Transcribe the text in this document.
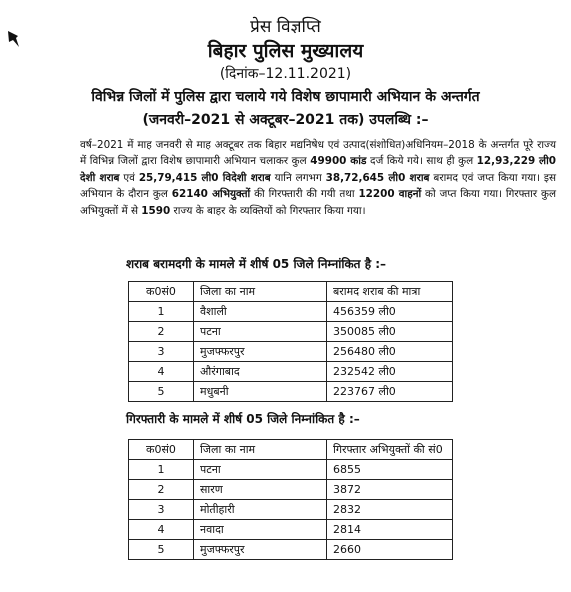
प्रेस विज्ञप्ति
बिहार पुलिस मुख्यालय
(दिनांक–12.11.2021)
विभिन्न जिलों में पुलिस द्वारा चलाये गये विशेष छापामारी अभियान के अन्तर्गत
(जनवरी–2021 से अक्टूबर–2021 तक) उपलब्धि :–
वर्ष–2021 में माह जनवरी से माह अक्टूबर तक बिहार मद्यनिषेध एवं उत्पाद(संशोधित)अधिनियम–2018 के अन्तर्गत पूरे राज्य में विभिन्न जिलों द्वारा विशेष छापामारी अभियान चलाकर कुल 49900 कांड दर्ज किये गये। साथ ही कुल 12,93,229 ली0 देशी शराब एवं 25,79,415 ली0 विदेशी शराब यानि लगभग 38,72,645 ली0 शराब बरामद एवं जप्त किया गया। इस अभियान के दौरान कुल 62140 अभियुक्तों की गिरफ्तारी की गयी तथा 12200 वाहनों को जप्त किया गया। गिरफ्तार कुल अभियुक्तों में से 1590 राज्य के बाहर के व्यक्तियों को गिरफ्तार किया गया।
शराब बरामदगी के मामले में शीर्ष 05 जिले निम्नांकित है :–
क0सं0	जिला का नाम	बरामद शराब की मात्रा
1	वैशाली	456359 ली0
2	पटना	350085 ली0
3	मुजफ्फरपुर	256480 ली0
4	औरंगाबाद	232542 ली0
5	मधुबनी	223767 ली0
गिरफ्तारी के मामले में शीर्ष 05 जिले निम्नांकित है :–
क0सं0	जिला का नाम	गिरफ्तार अभियुक्तों की सं0
1	पटना	6855
2	सारण	3872
3	मोतीहारी	2832
4	नवादा	2814
5	मुजफ्फरपुर	2660
